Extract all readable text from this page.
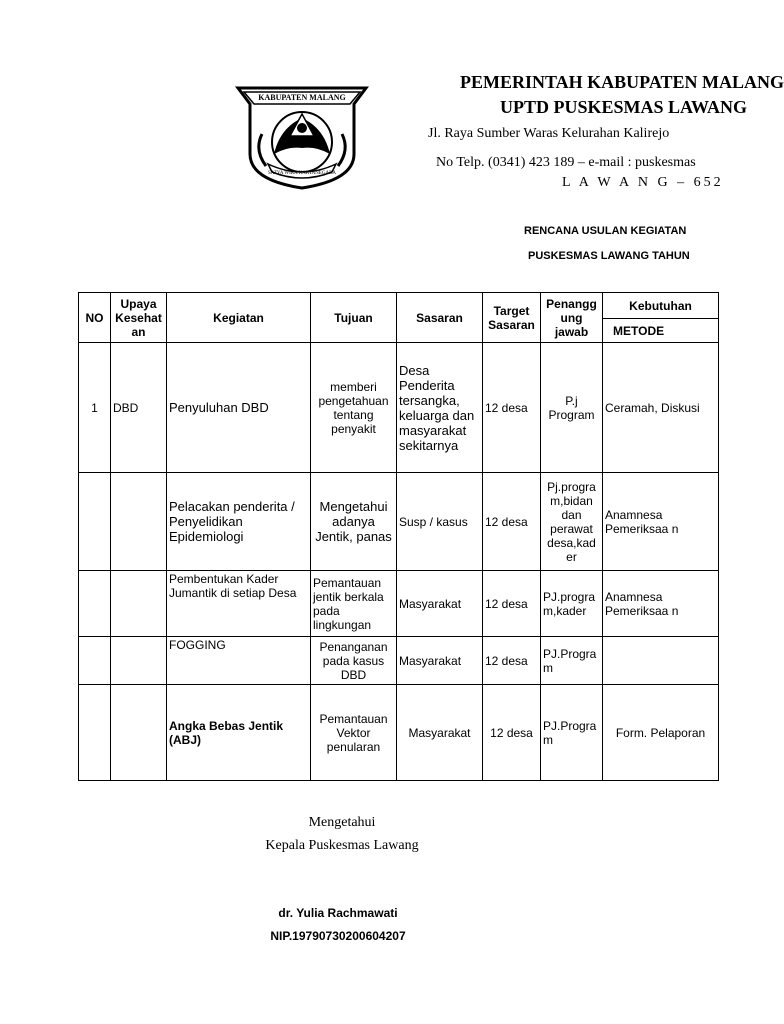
KABUPATEN MALANG
SATYA WIRA KARTANEGARA
PEMERINTAH KABUPATEN MALANG
UPTD PUSKESMAS LAWANG
Jl. Raya Sumber Waras Kelurahan Kalirejo
No Telp. (0341) 423 189 – e-mail : puskesmas
L A W A N G – 652
RENCANA USULAN KEGIATAN
PUSKESMAS LAWANG TAHUN
NO	Upaya Kesehat an	Kegiatan	Tujuan	Sasaran	Target Sasaran	Penangg ung jawab	Kebutuhan
							METODE
1	DBD	Penyuluhan DBD	memberi pengetahuan tentang penyakit	Desa Penderita tersangka, keluarga dan masyarakat sekitarnya	12 desa	P.j Program	Ceramah, Diskusi
		Pelacakan penderita / Penyelidikan Epidemiologi	Mengetahui adanya Jentik, panas	Susp / kasus	12 desa	Pj.progra m,bidan dan perawat desa,kad er	Anamnesa Pemeriksaa n
		Pembentukan Kader Jumantik di setiap Desa	Pemantauan jentik berkala pada lingkungan	Masyarakat	12 desa	PJ.progra m,kader	Anamnesa Pemeriksaa n
		FOGGING	Penanganan pada kasus DBD	Masyarakat	12 desa	PJ.Progra m	
		Angka Bebas Jentik (ABJ)	Pemantauan Vektor penularan	Masyarakat	12 desa	PJ.Program	Form. Pelaporan
Mengetahui
Kepala Puskesmas Lawang
dr. Yulia Rachmawati
NIP.19790730200604207
